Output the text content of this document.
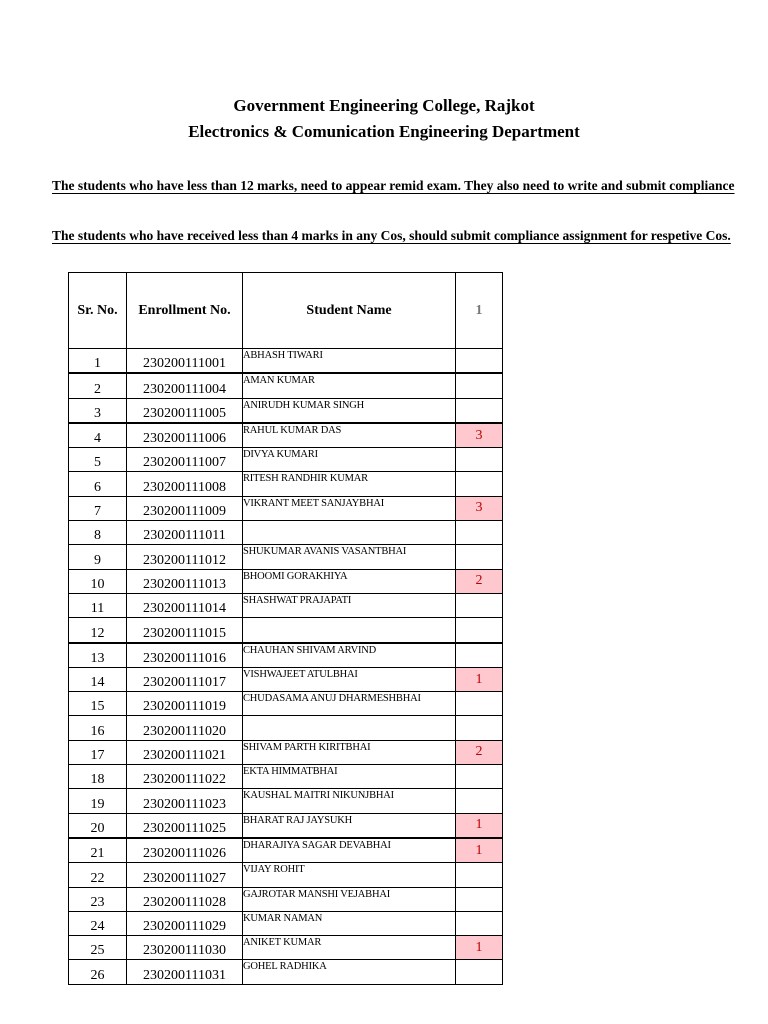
Government Engineering College, Rajkot
Electronics & Comunication Engineering Department
The students who have less than 12 marks, need to appear remid exam. They also need to write and submit compliance
The students who have received less than 4 marks in any Cos, should submit compliance assignment for respetive Cos.
Sr. No.	Enrollment No.	Student Name	1
1	230200111001	ABHASH TIWARI	
2	230200111004	AMAN KUMAR	
3	230200111005	ANIRUDH KUMAR SINGH	
4	230200111006	RAHUL KUMAR DAS	3
5	230200111007	DIVYA KUMARI	
6	230200111008	RITESH RANDHIR KUMAR	
7	230200111009	VIKRANT MEET SANJAYBHAI	3
8	230200111011		
9	230200111012	SHUKUMAR AVANIS VASANTBHAI	
10	230200111013	BHOOMI GORAKHIYA	2
11	230200111014	SHASHWAT PRAJAPATI	
12	230200111015		
13	230200111016	CHAUHAN SHIVAM ARVIND	
14	230200111017	VISHWAJEET ATULBHAI	1
15	230200111019	CHUDASAMA ANUJ DHARMESHBHAI	
16	230200111020		
17	230200111021	SHIVAM PARTH KIRITBHAI	2
18	230200111022	EKTA HIMMATBHAI	
19	230200111023	KAUSHAL MAITRI NIKUNJBHAI	
20	230200111025	BHARAT RAJ JAYSUKH	1
21	230200111026	DHARAJIYA SAGAR DEVABHAI	1
22	230200111027	VIJAY ROHIT	
23	230200111028	GAJROTAR MANSHI VEJABHAI	
24	230200111029	KUMAR NAMAN	
25	230200111030	ANIKET KUMAR	1
26	230200111031	GOHEL RADHIKA	
